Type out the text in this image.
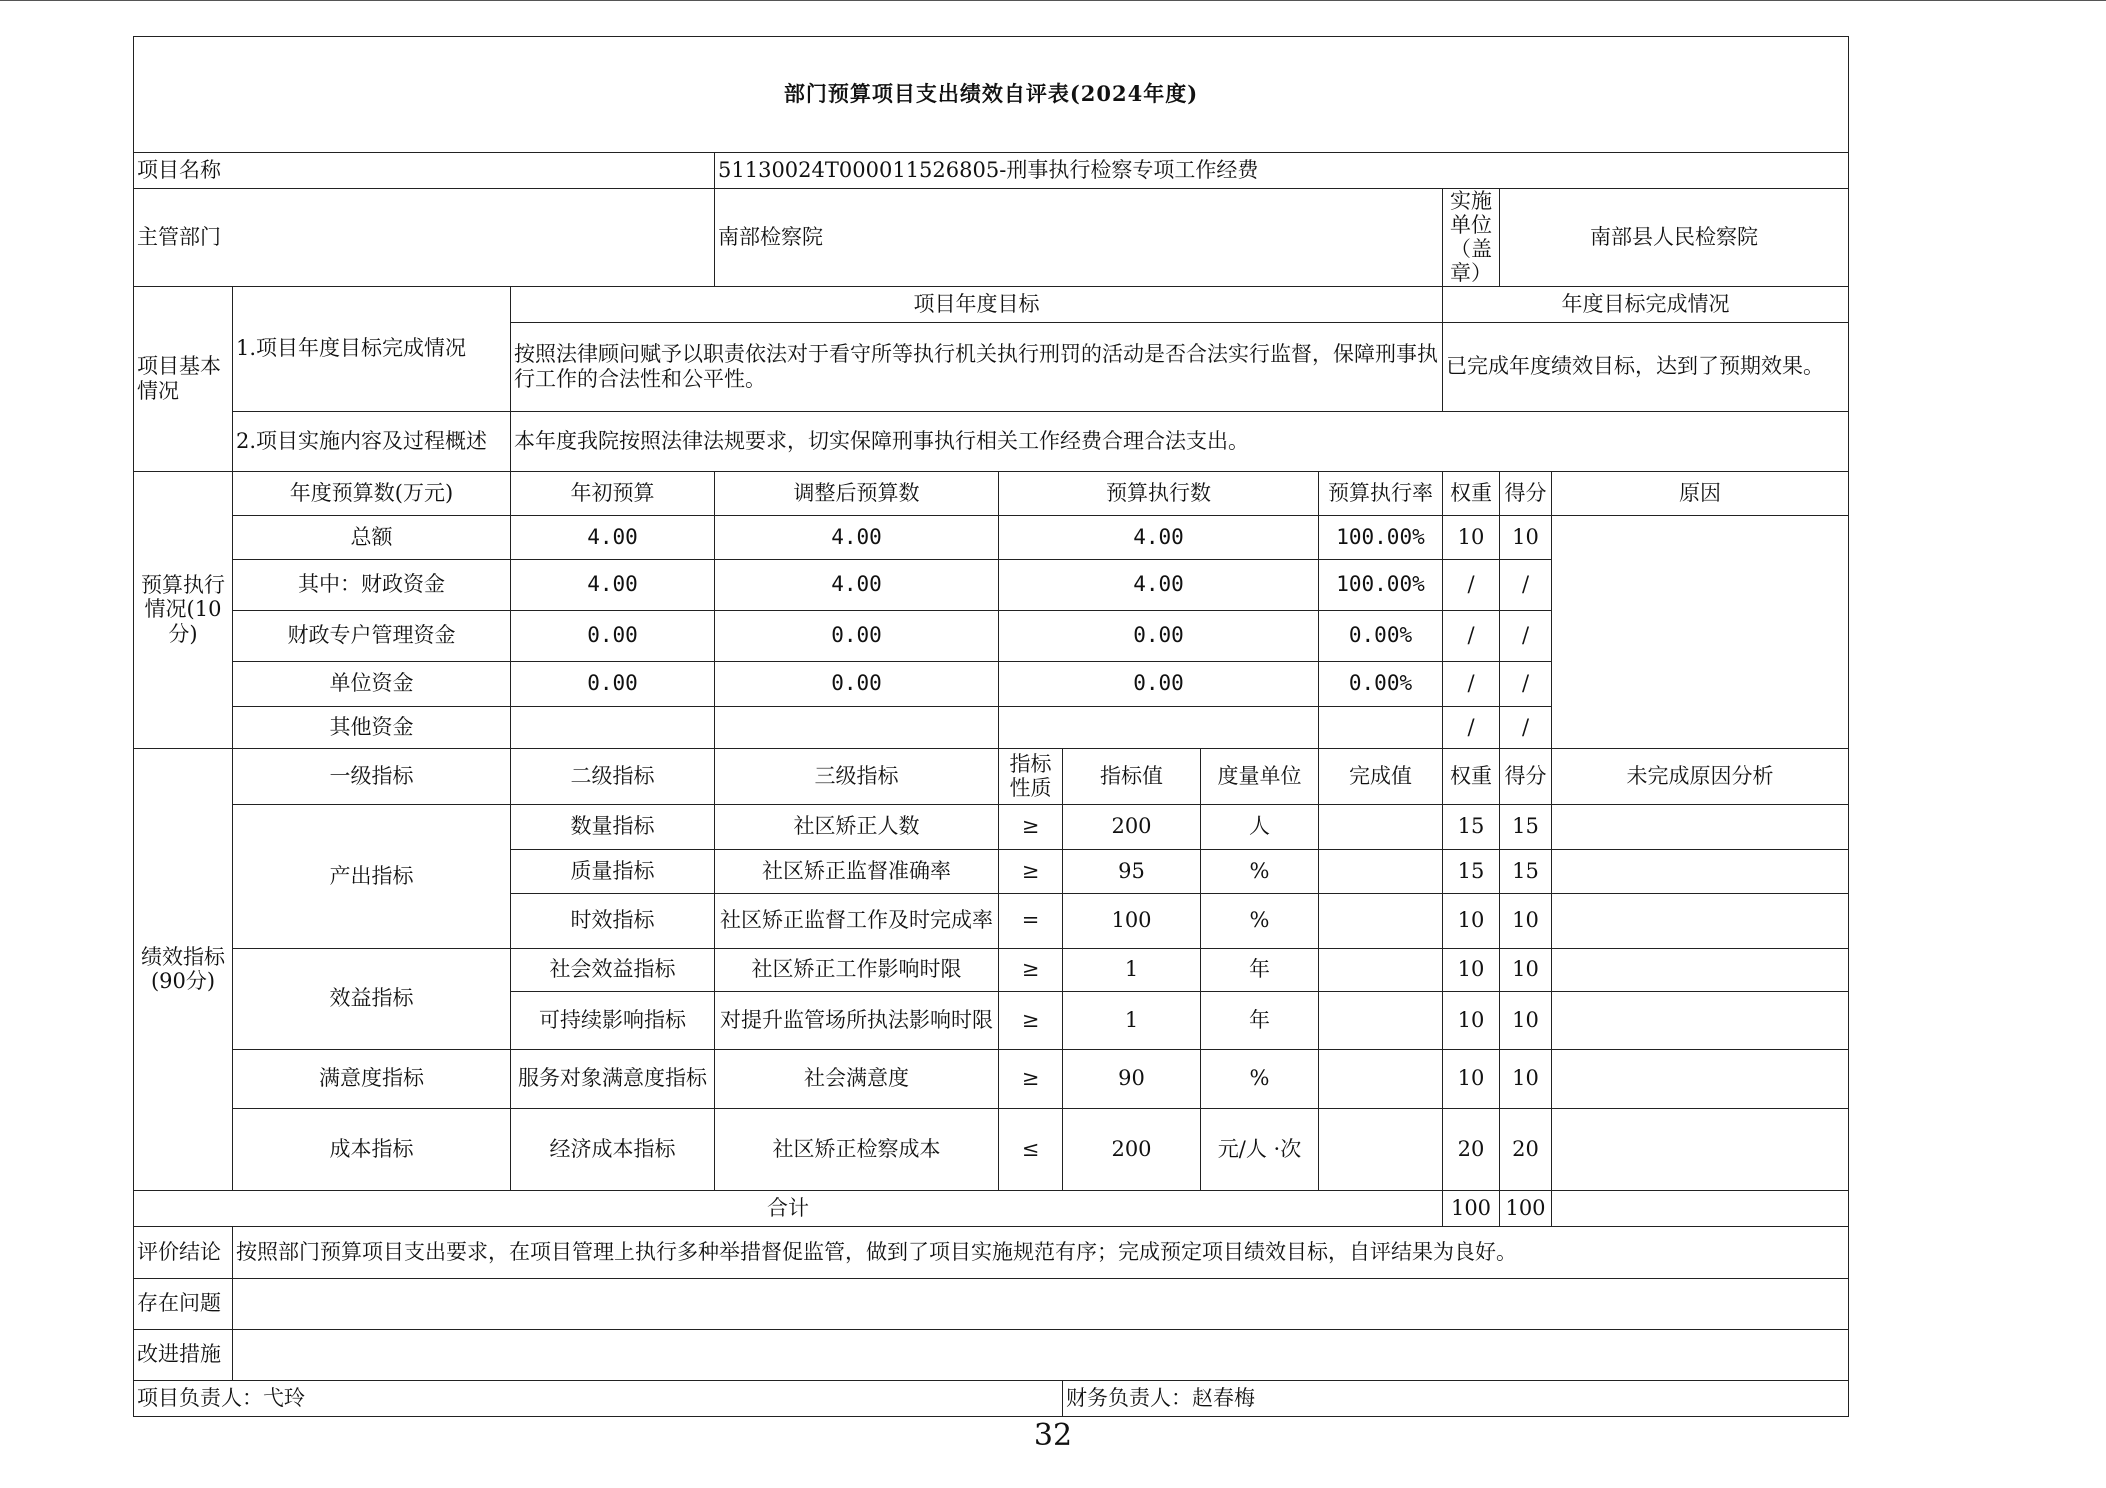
部门预算项目支出绩效自评表(2024年度)										
项目名称			51130024T000011526805-刑事执行检察专项工作经费							
主管部门			南部检察院					实施单位
（盖章）	南部县人民检察院	
项目基本情况	1.项目年度目标完成情况	项目年度目标						年度目标完成情况		
		按照法律顾问赋予以职责依法对于看守所等执行机关执行刑罚的活动是否合法实行监督，保障刑事执行工作的合法性和公平性。						已完成年度绩效目标，达到了预期效果。		
	2.项目实施内容及过程概述	本年度我院按照法律法规要求，切实保障刑事执行相关工作经费合理合法支出。								

预算执行情况(10分)	年度预算数(万元)	年初预算	调整后预算数	预算执行数			预算执行率	权重	得分	原因
	总额	4.00	4.00	4.00			100.00%	10	10	
	其中：财政资金	4.00	4.00	4.00			100.00%	/	/	
	财政专户管理资金	0.00	0.00	0.00			0.00%	/	/	
	单位资金	0.00	0.00	0.00			0.00%	/	/	
	其他资金							/	/	
绩效指标(90分)	一级指标	二级指标	三级指标	指标性质	指标值	度量单位	完成值	权重	得分	未完成原因分析
	产出指标	数量指标	社区矫正人数	≥	200	人		15	15	
		质量指标	社区矫正监督准确率	≥	95	%		15	15	
		时效指标	社区矫正监督工作及时完成率	=	100	%		10	10	
	效益指标	社会效益指标	社区矫正工作影响时限	≥	1	年		10	10	
		可持续影响指标	对提升监管场所执法影响时限	≥	1	年		10	10	
	满意度指标	服务对象满意度指标	社会满意度	≥	90	%		10	10	
	成本指标	经济成本指标	社区矫正检察成本	≤	200	元/人 ·次		20	20	
合计								100	100	
评价结论	按照部门预算项目支出要求，在项目管理上执行多种举措督促监管，做到了项目实施规范有序；完成预定项目绩效目标，自评结果为良好。									
存在问题										
改进措施										
项目负责人：弋玲					财务负责人：赵春梅					
32
